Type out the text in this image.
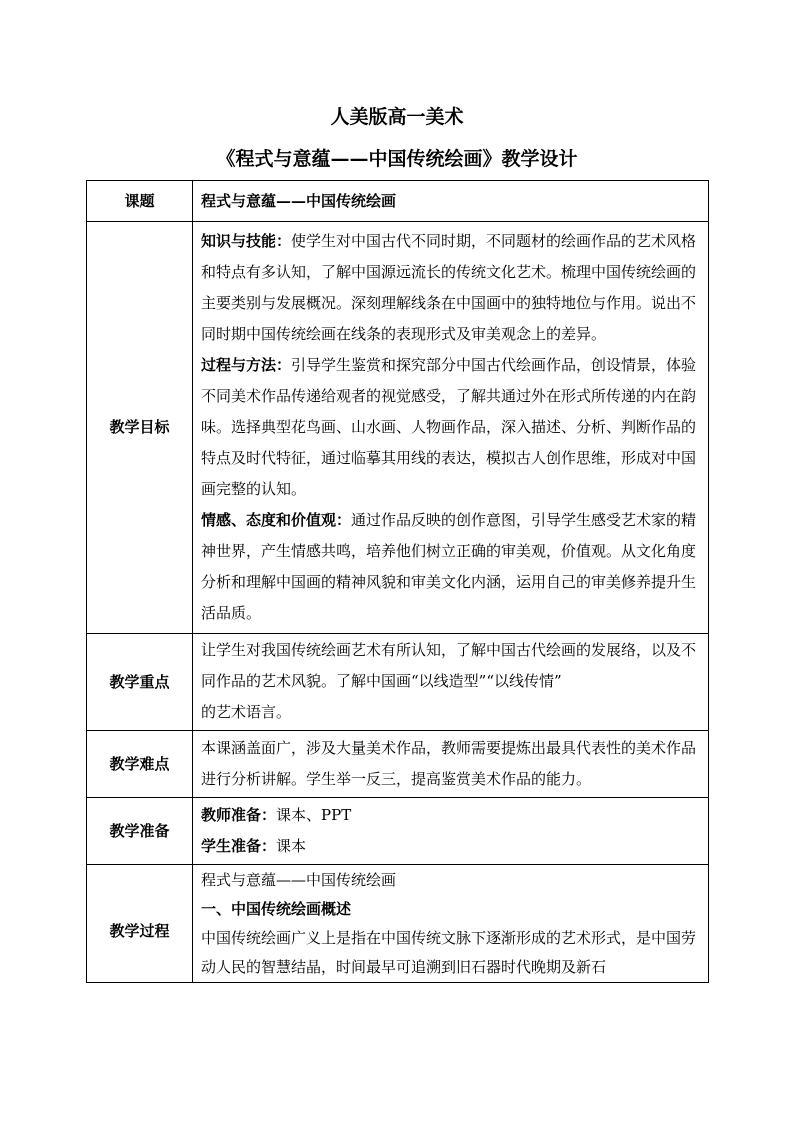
人美版高一美术
《程式与意蕴——中国传统绘画》教学设计
课题	程式与意蕴——中国传统绘画
教学目标	知识与技能：使学生对中国古代不同时期，不同题材的绘画作品的艺术风格和特点有多认知，了解中国源远流长的传统文化艺术。梳理中国传统绘画的主要类别与发展概况。深刻理解线条在中国画中的独特地位与作用。说出不同时期中国传统绘画在线条的表现形式及审美观念上的差异。

过程与方法：引导学生鉴赏和探究部分中国古代绘画作品，创设情景，体验不同美术作品传递给观者的视觉感受，了解共通过外在形式所传递的内在韵味。选择典型花鸟画、山水画、人物画作品，深入描述、分析、判断作品的特点及时代特征，通过临摹其用线的表达，模拟古人创作思维，形成对中国画完整的认知。

情感、态度和价值观：通过作品反映的创作意图，引导学生感受艺术家的精神世界，产生情感共鸣，培养他们树立正确的审美观，价值观。从文化角度分析和理解中国画的精神风貌和审美文化内涵，运用自己的审美修养提升生活品质。

教学重点	让学生对我国传统绘画艺术有所认知，了解中国古代绘画的发展络，以及不同作品的艺术风貌。了解中国画“以线造型”“以线传情”

的艺术语言。

教学难点	本课涵盖面广，涉及大量美术作品，教师需要提炼出最具代表性的美术作品进行分析讲解。学生举一反三，提高鉴赏美术作品的能力。
教学准备	教师准备：课本、PPT

学生准备：课本

教学过程	程式与意蕴——中国传统绘画

一、中国传统绘画概述

中国传统绘画广义上是指在中国传统文脉下逐渐形成的艺术形式，是中国劳动人民的智慧结晶，时间最早可追溯到旧石器时代晚期及新石
